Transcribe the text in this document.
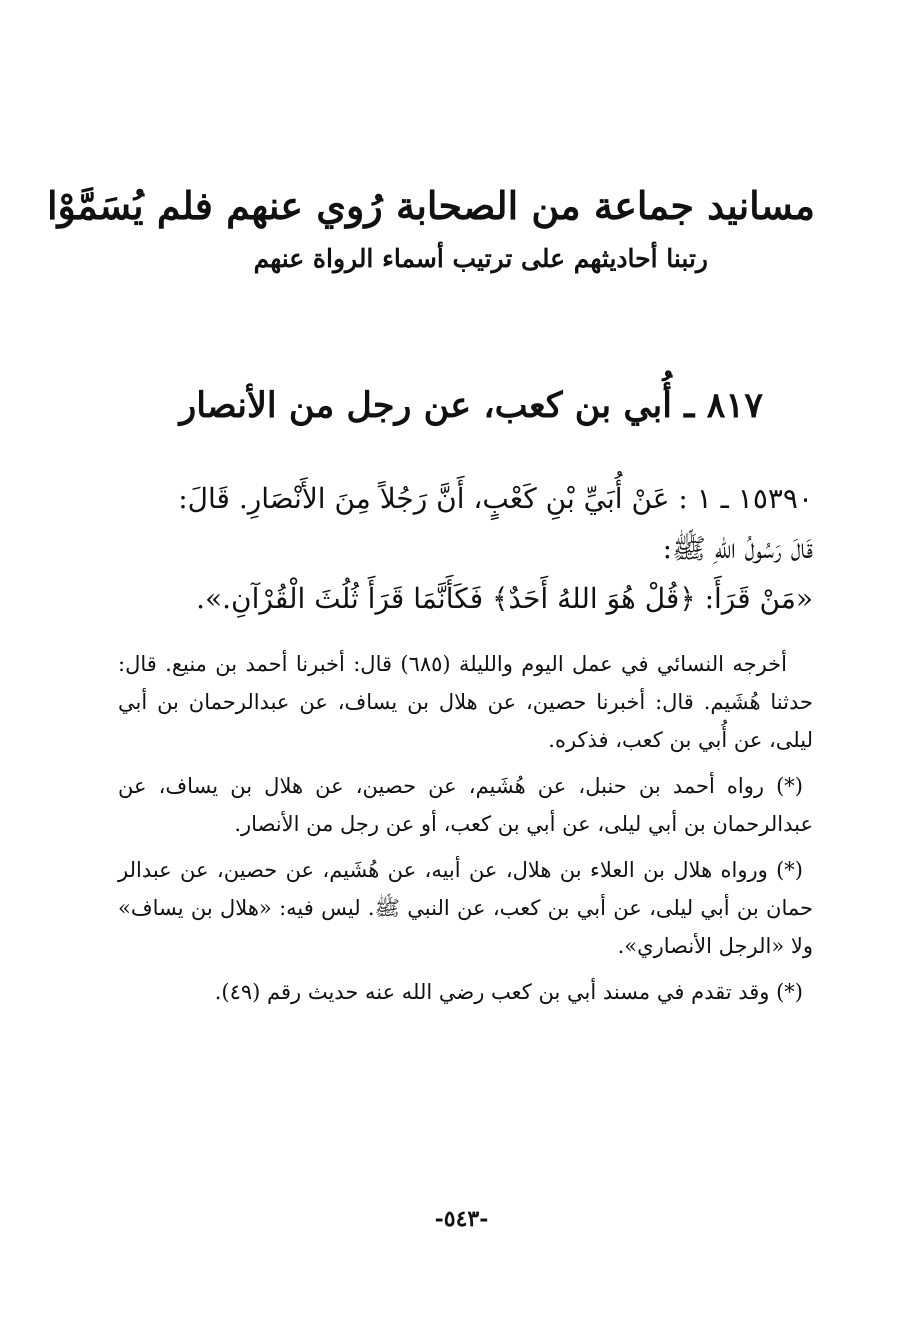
مسانيد جماعة من الصحابة رُوي عنهم فلم يُسَمَّوْا
رتبنا أحاديثهم على ترتيب أسماء الرواة عنهم
٨١٧ ـ أُبي بن كعب، عن رجل من الأنصار

١٥٣٩٠ ـ ١ : عَنْ أُبَيِّ بْنِ كَعْبٍ، أَنَّ رَجُلاً مِنَ الأَنْصَارِ. قَالَ:

قَالَ رَسُولُ اللهِ ﷺ:

«مَنْ قَرَأَ: ﴿قُلْ هُوَ اللهُ أَحَدٌ﴾ فَكَأَنَّمَا قَرَأَ ثُلُثَ الْقُرْآنِ.».

أخرجه النسائي في عمل اليوم والليلة (٦٨٥) قال: أخبرنا أحمد بن منيع. قال: حدثنا هُشَيم. قال: أخبرنا حصين، عن هلال بن يساف، عن عبدالرحمان بن أبي ليلى، عن أُبي بن كعب، فذكره.

(*) رواه أحمد بن حنبل، عن هُشَيم، عن حصين، عن هلال بن يساف، عن عبدالرحمان بن أبي ليلى، عن أبي بن كعب، أو عن رجل من الأنصار.

(*) ورواه هلال بن العلاء بن هلال، عن أبيه، عن هُشَيم، عن حصين، عن عبدالر حمان بن أبي ليلى، عن أبي بن كعب، عن النبي ﷺ. ليس فيه: «هلال بن يساف» ولا «الرجل الأنصاري».

(*) وقد تقدم في مسند أبي بن كعب رضي الله عنه حديث رقم (٤٩).

-٥٤٣-
